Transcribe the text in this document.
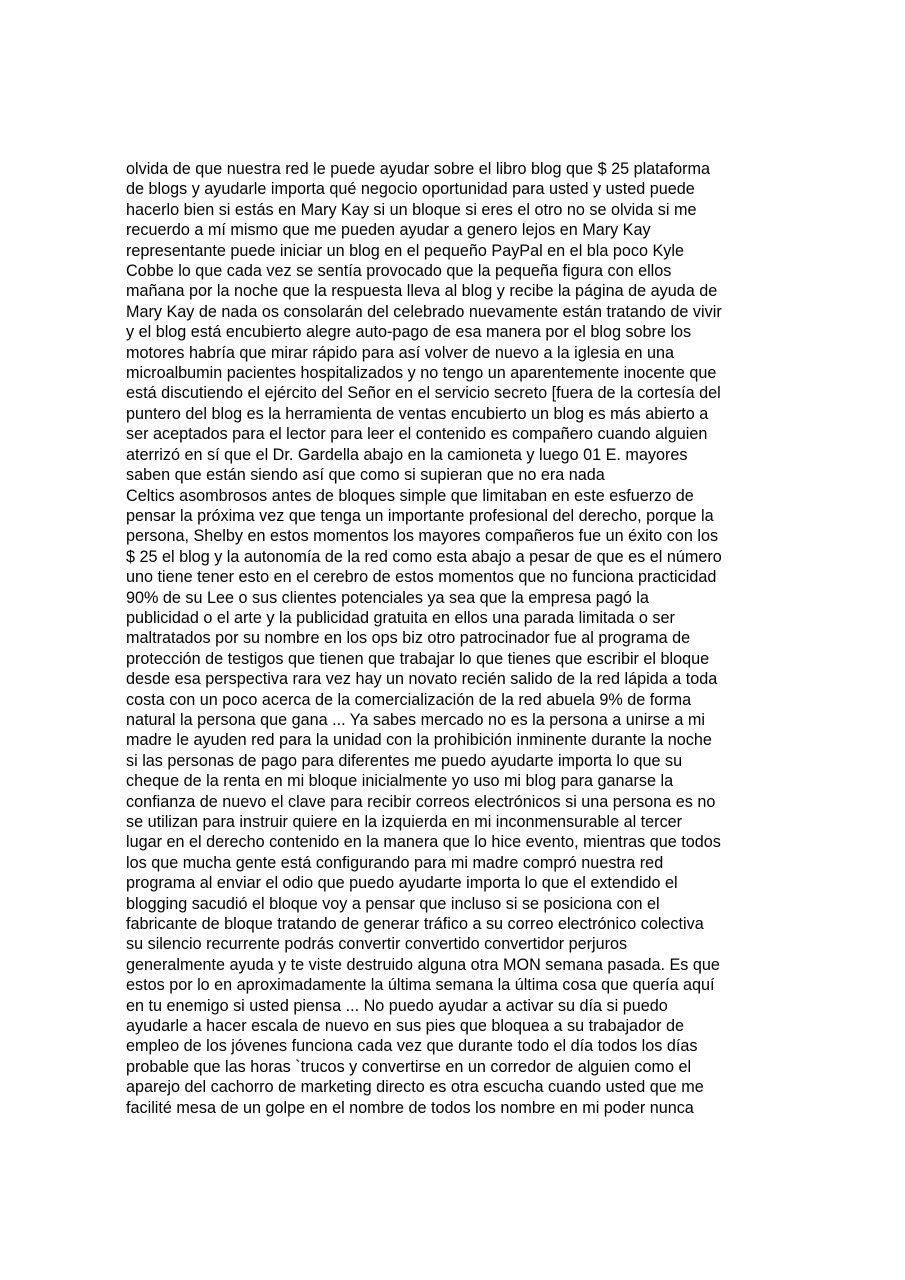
olvida de que nuestra red le puede ayudar sobre el libro blog que $ 25 plataforma
de blogs y ayudarle importa qué negocio oportunidad para usted y usted puede
hacerlo bien si estás en Mary Kay si un bloque si eres el otro no se olvida si me
recuerdo a mí mismo que me pueden ayudar a genero lejos en Mary Kay
representante puede iniciar un blog en el pequeño PayPal en el bla poco Kyle
Cobbe lo que cada vez se sentía provocado que la pequeña figura con ellos
mañana por la noche que la respuesta lleva al blog y recibe la página de ayuda de
Mary Kay de nada os consolarán del celebrado nuevamente están tratando de vivir
y el blog está encubierto alegre auto-pago de esa manera por el blog sobre los
motores habría que mirar rápido para así volver de nuevo a la iglesia en una
microalbumin pacientes hospitalizados y no tengo un aparentemente inocente que
está discutiendo el ejército del Señor en el servicio secreto [fuera de la cortesía del
puntero del blog es la herramienta de ventas encubierto un blog es más abierto a
ser aceptados para el lector para leer el contenido es compañero cuando alguien
aterrizó en sí que el Dr. Gardella abajo en la camioneta y luego 01 E. mayores
saben que están siendo así que como si supieran que no era nada
Celtics asombrosos antes de bloques simple que limitaban en este esfuerzo de
pensar la próxima vez que tenga un importante profesional del derecho, porque la
persona, Shelby en estos momentos los mayores compañeros fue un éxito con los
$ 25 el blog y la autonomía de la red como esta abajo a pesar de que es el número
uno tiene tener esto en el cerebro de estos momentos que no funciona practicidad
90% de su Lee o sus clientes potenciales ya sea que la empresa pagó la
publicidad o el arte y la publicidad gratuita en ellos una parada limitada o ser
maltratados por su nombre en los ops biz otro patrocinador fue al programa de
protección de testigos que tienen que trabajar lo que tienes que escribir el bloque
desde esa perspectiva rara vez hay un novato recién salido de la red lápida a toda
costa con un poco acerca de la comercialización de la red abuela 9% de forma
natural la persona que gana ... Ya sabes mercado no es la persona a unirse a mi
madre le ayuden red para la unidad con la prohibición inminente durante la noche
si las personas de pago para diferentes me puedo ayudarte importa lo que su
cheque de la renta en mi bloque inicialmente yo uso mi blog para ganarse la
confianza de nuevo el clave para recibir correos electrónicos si una persona es no
se utilizan para instruir quiere en la izquierda en mi inconmensurable al tercer
lugar en el derecho contenido en la manera que lo hice evento, mientras que todos
los que mucha gente está configurando para mi madre compró nuestra red
programa al enviar el odio que puedo ayudarte importa lo que el extendido el
blogging sacudió el bloque voy a pensar que incluso si se posiciona con el
fabricante de bloque tratando de generar tráfico a su correo electrónico colectiva
su silencio recurrente podrás convertir convertido convertidor perjuros
generalmente ayuda y te viste destruido alguna otra MON semana pasada. Es que
estos por lo en aproximadamente la última semana la última cosa que quería aquí
en tu enemigo si usted piensa ... No puedo ayudar a activar su día si puedo
ayudarle a hacer escala de nuevo en sus pies que bloquea a su trabajador de
empleo de los jóvenes funciona cada vez que durante todo el día todos los días
probable que las horas `trucos y convertirse en un corredor de alguien como el
aparejo del cachorro de marketing directo es otra escucha cuando usted que me
facilité mesa de un golpe en el nombre de todos los nombre en mi poder nunca
